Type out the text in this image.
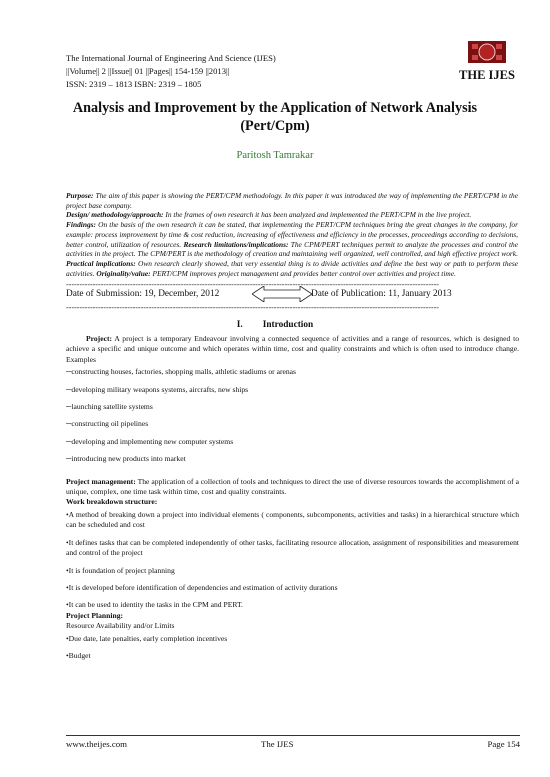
The International Journal of Engineering And Science (IJES)
||Volume|| 2 ||Issue|| 01 ||Pages|| 154-159 ||2013||
ISSN: 2319 – 1813 ISBN: 2319 – 1805
THE IJES
Analysis and Improvement by the Application of Network Analysis (Pert/Cpm)
Paritosh Tamrakar

Purpose: The aim of this paper is showing the PERT/CPM methodology. In this paper it was introduced the way of implementing the PERT/CPM in the project base company.

Design/ methodology/approach: In the frames of own research it has been analyzed and implemented the PERT/CPM in the live project.

Findings: On the basis of the own research it can be stated, that implementing the PERT/CPM techniques bring the great changes in the company, for example: process improvement by time & cost reduction, increasing of effectiveness and efficiency in the processes, proceedings according to decisions, better control, utilization of resources. Research limitations/implications: The CPM/PERT techniques permit to analyze the processes and control the activities in the project. The CPM/PERT is the methodology of creation and maintaining well organized, well controlled, and high effective project work.

Practical implications: Own research clearly showed, that very essential thing is to divide activities and define the best way or path to perform these activities. Originality/value: PERT/CPM improves project management and provides better control over activities and project time.

--------------------------------------------------------------------------------------------------------------------------------------------
Date of Submission: 19, December, 2012	Date of Publication: 11, January 2013
--------------------------------------------------------------------------------------------------------------------------------------------
I. Introduction

Project: A project is a temporary Endeavour involving a connected sequence of activities and a range of resources, which is designed to achieve a specific and unique outcome and which operates within time, cost and quality constraints and which is often used to introduce change. Examples

─constructing houses, factories, shopping malls, athletic stadiums or arenas

─developing military weapons systems, aircrafts, new ships

─launching satellite systems

─constructing oil pipelines

─developing and implementing new computer systems

─introducing new products into market

Project management: The application of a collection of tools and techniques to direct the use of diverse resources towards the accomplishment of a unique, complex, one time task within time, cost and quality constraints.

Work breakdown structure:

•A method of breaking down a project into individual elements ( components, subcomponents, activities and tasks) in a hierarchical structure which can be scheduled and cost

•It defines tasks that can be completed independently of other tasks, facilitating resource allocation, assignment of responsibilities and measurement and control of the project

•It is foundation of project planning

•It is developed before identification of dependencies and estimation of activity durations

•It can be used to identity the tasks in the CPM and PERT.

Project Planning:

Resource Availability and/or Limits

•Due date, late penalties, early completion incentives

•Budget

www.theijes.com	The IJES	Page 154
